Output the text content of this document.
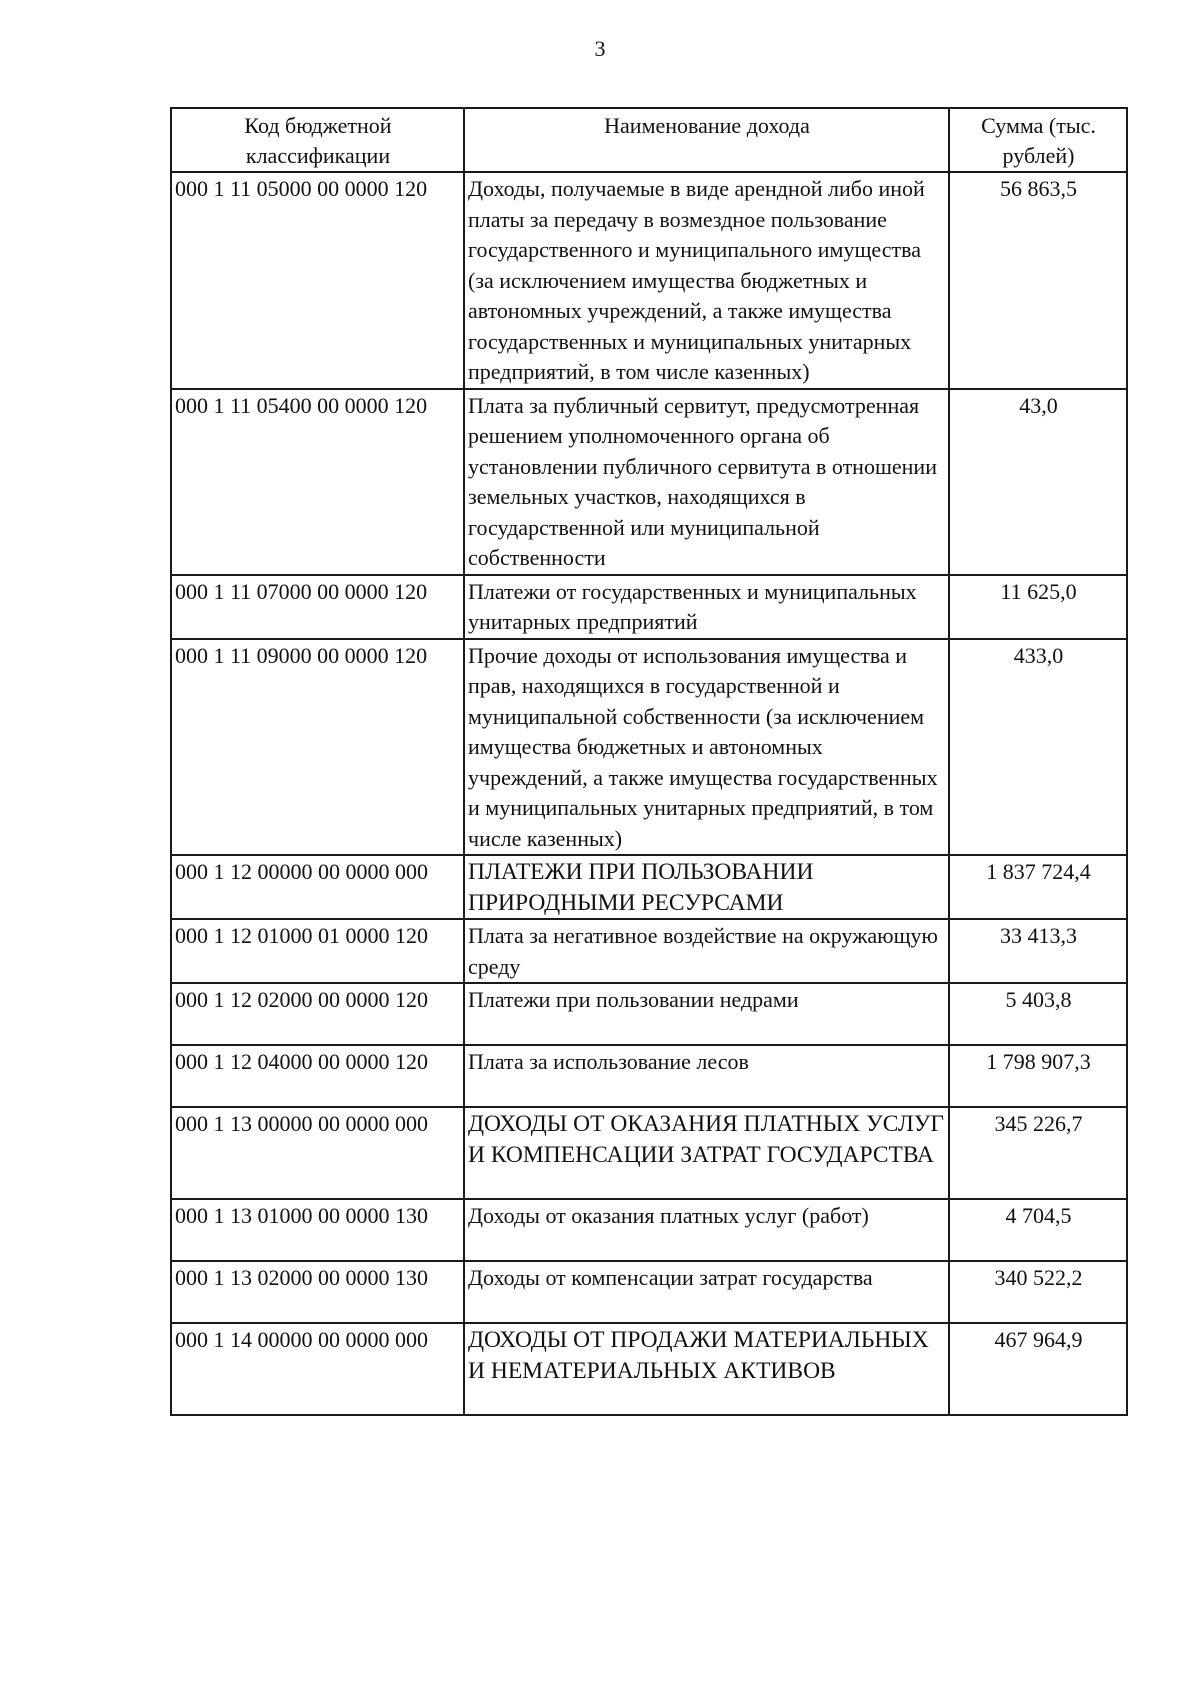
3
Код бюджетной классификации	Наименование дохода	Сумма (тыс. рублей)
000 1 11 05000 00 0000 120	Доходы, получаемые в виде арендной либо иной платы за передачу в возмездное пользование государственного и муниципального имущества (за исключением имущества бюджетных и автономных учреждений, а также имущества государственных и муниципальных унитарных предприятий, в том числе казенных)	56 863,5
000 1 11 05400 00 0000 120	Плата за публичный сервитут, предусмотренная решением уполномоченного органа об установлении публичного сервитута в отношении земельных участков, находящихся в государственной или муниципальной собственности	43,0
000 1 11 07000 00 0000 120	Платежи от государственных и муниципальных унитарных предприятий	11 625,0
000 1 11 09000 00 0000 120	Прочие доходы от использования имущества и прав, находящихся в государственной и муниципальной собственности (за исключением имущества бюджетных и автономных учреждений, а также имущества государственных и муниципальных унитарных предприятий, в том числе казенных)	433,0
000 1 12 00000 00 0000 000	ПЛАТЕЖИ ПРИ ПОЛЬЗОВАНИИ ПРИРОДНЫМИ РЕСУРСАМИ	1 837 724,4
000 1 12 01000 01 0000 120	Плата за негативное воздействие на окружающую среду	33 413,3
000 1 12 02000 00 0000 120	Платежи при пользовании недрами	5 403,8
000 1 12 04000 00 0000 120	Плата за использование лесов	1 798 907,3
000 1 13 00000 00 0000 000	ДОХОДЫ ОТ ОКАЗАНИЯ ПЛАТНЫХ УСЛУГ И КОМПЕНСАЦИИ ЗАТРАТ ГОСУДАРСТВА	345 226,7
000 1 13 01000 00 0000 130	Доходы от оказания платных услуг (работ)	4 704,5
000 1 13 02000 00 0000 130	Доходы от компенсации затрат государства	340 522,2
000 1 14 00000 00 0000 000	ДОХОДЫ ОТ ПРОДАЖИ МАТЕРИАЛЬНЫХ И НЕМАТЕРИАЛЬНЫХ АКТИВОВ	467 964,9
